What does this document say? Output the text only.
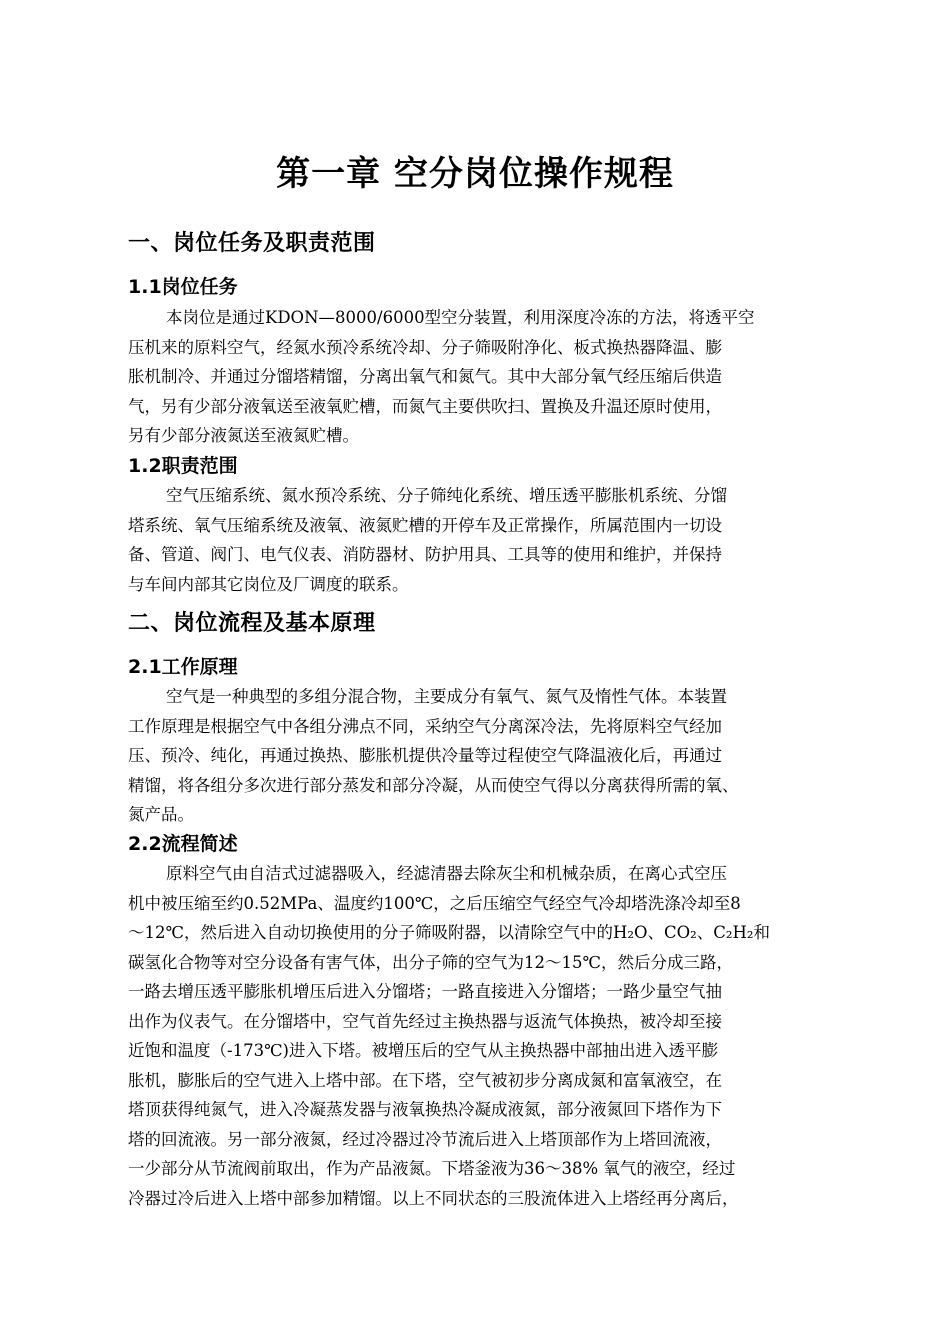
第一章 空分岗位操作规程
一、岗位任务及职责范围
1.1岗位任务
本岗位是通过KDON—8000/6000型空分装置，利用深度冷冻的方法，将透平空
压机来的原料空气，经氮水预冷系统冷却、分子筛吸附净化、板式换热器降温、膨
胀机制冷、并通过分馏塔精馏，分离出氧气和氮气。其中大部分氧气经压缩后供造
气，另有少部分液氧送至液氧贮槽，而氮气主要供吹扫、置换及升温还原时使用，
另有少部分液氮送至液氮贮槽。
1.2职责范围
空气压缩系统、氮水预冷系统、分子筛纯化系统、增压透平膨胀机系统、分馏
塔系统、氧气压缩系统及液氧、液氮贮槽的开停车及正常操作，所属范围内一切设
备、管道、阀门、电气仪表、消防器材、防护用具、工具等的使用和维护，并保持
与车间内部其它岗位及厂调度的联系。
二、岗位流程及基本原理
2.1工作原理
空气是一种典型的多组分混合物，主要成分有氧气、氮气及惰性气体。本装置
工作原理是根据空气中各组分沸点不同，采纳空气分离深冷法，先将原料空气经加
压、预冷、纯化，再通过换热、膨胀机提供冷量等过程使空气降温液化后，再通过
精馏，将各组分多次进行部分蒸发和部分冷凝，从而使空气得以分离获得所需的氧、
氮产品。
2.2流程简述
原料空气由自洁式过滤器吸入，经滤清器去除灰尘和机械杂质，在离心式空压
机中被压缩至约0.52MPa、温度约100℃，之后压缩空气经空气冷却塔洗涤冷却至8
～12℃，然后进入自动切换使用的分子筛吸附器，以清除空气中的H₂O、CO₂、C₂H₂和
碳氢化合物等对空分设备有害气体，出分子筛的空气为12～15℃，然后分成三路，
一路去增压透平膨胀机增压后进入分馏塔；一路直接进入分馏塔；一路少量空气抽
出作为仪表气。在分馏塔中，空气首先经过主换热器与返流气体换热，被冷却至接
近饱和温度（-173℃)进入下塔。被增压后的空气从主换热器中部抽出进入透平膨
胀机，膨胀后的空气进入上塔中部。在下塔，空气被初步分离成氮和富氧液空，在
塔顶获得纯氮气，进入冷凝蒸发器与液氧换热冷凝成液氮，部分液氮回下塔作为下
塔的回流液。另一部分液氮，经过冷器过冷节流后进入上塔顶部作为上塔回流液，
一少部分从节流阀前取出，作为产品液氮。下塔釜液为36～38% 氧气的液空，经过
冷器过冷后进入上塔中部参加精馏。以上不同状态的三股流体进入上塔经再分离后，
